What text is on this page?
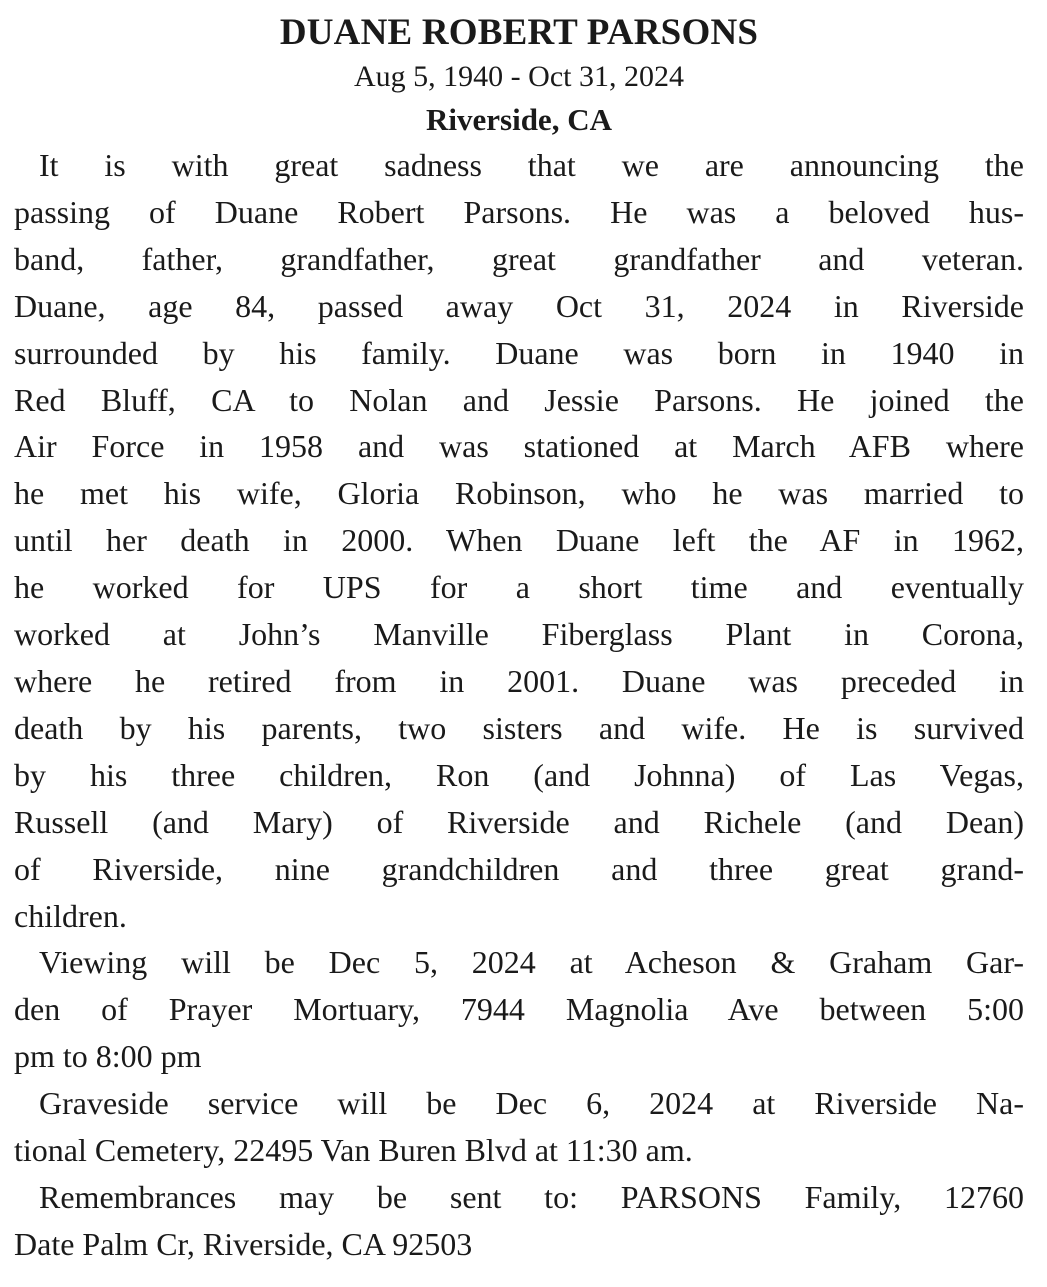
DUANE ROBERT PARSONS
Aug 5, 1940 - Oct 31, 2024
Riverside, CA

It is with great sadness that we are announcing the
passing of Duane Robert Parsons. He was a beloved hus-
band, father, grandfather, great grandfather and veteran.
Duane, age 84, passed away Oct 31, 2024 in Riverside
surrounded by his family. Duane was born in 1940 in
Red Bluff, CA to Nolan and Jessie Parsons. He joined the
Air Force in 1958 and was stationed at March AFB where
he met his wife, Gloria Robinson, who he was married to
until her death in 2000. When Duane left the AF in 1962,
he worked for UPS for a short time and eventually
worked at John’s Manville Fiberglass Plant in Corona,
where he retired from in 2001. Duane was preceded in
death by his parents, two sisters and wife. He is survived
by his three children, Ron (and Johnna) of Las Vegas,
Russell (and Mary) of Riverside and Richele (and Dean)
of Riverside, nine grandchildren and three great grand-
children.

Viewing will be Dec 5, 2024 at Acheson & Graham Gar-
den of Prayer Mortuary, 7944 Magnolia Ave between 5:00
pm to 8:00 pm

Graveside service will be Dec 6, 2024 at Riverside Na-
tional Cemetery, 22495 Van Buren Blvd at 11:30 am.

Remembrances may be sent to: PARSONS Family, 12760
Date Palm Cr, Riverside, CA 92503
